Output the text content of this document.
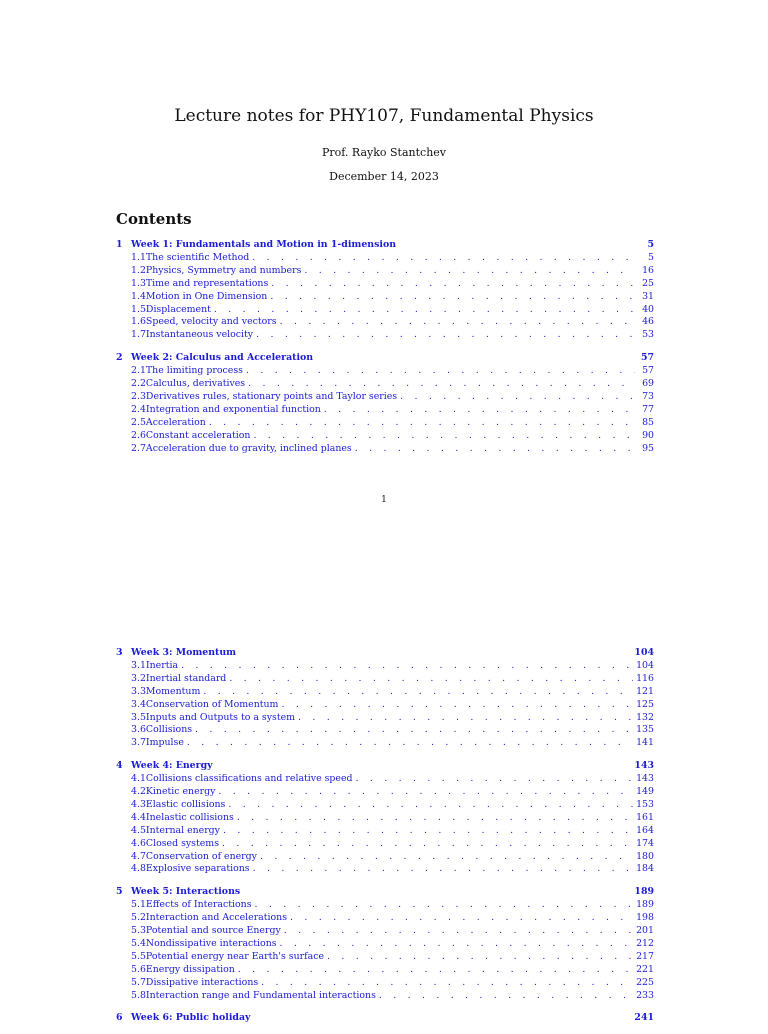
Lecture notes for PHY107, Fundamental Physics
Prof. Rayko Stantchev
December 14, 2023
Contents
1 Week 1: Fundamentals and Motion in 1-dimension	5
1.1 The scientific Method . . .	5
1.2 Physics, Symmetry and numbers . . .	16
1.3 Time and representations . . .	25
1.4 Motion in One Dimension . . .	31
1.5 Displacement . . .	40
1.6 Speed, velocity and vectors . . .	46
1.7 Instantaneous velocity . . .	53
2 Week 2: Calculus and Acceleration	57
2.1 The limiting process . . .	57
2.2 Calculus, derivatives . . .	69
2.3 Derivatives rules, stationary points and Taylor series . . .	73
2.4 Integration and exponential function . . .	77
2.5 Acceleration . . .	85
2.6 Constant acceleration . . .	90
2.7 Acceleration due to gravity, inclined planes . . .	95
1
3 Week 3: Momentum	104
3.1 Inertia . . .	104
3.2 Inertial standard . . .	116
3.3 Momentum . . .	121
3.4 Conservation of Momentum . . .	125
3.5 Inputs and Outputs to a system . . .	132
3.6 Collisions . . .	135
3.7 Impulse . . .	141
4 Week 4: Energy	143
4.1 Collisions classifications and relative speed . . .	143
4.2 Kinetic energy . . .	149
4.3 Elastic collisions . . .	153
4.4 Inelastic collisions . . .	161
4.5 Internal energy . . .	164
4.6 Closed systems . . .	174
4.7 Conservation of energy . . .	180
4.8 Explosive separations . . .	184
5 Week 5: Interactions	189
5.1 Effects of Interactions . . .	189
5.2 Interaction and Accelerations . . .	198
5.3 Potential and source Energy . . .	201
5.4 Nondissipative interactions . . .	212
5.5 Potential energy near Earth's surface . . .	217
5.6 Energy dissipation . . .	221
5.7 Dissipative interactions . . .	225
5.8 Interaction range and Fundamental interactions . . .	233
6 Week 6: Public holiday	241
